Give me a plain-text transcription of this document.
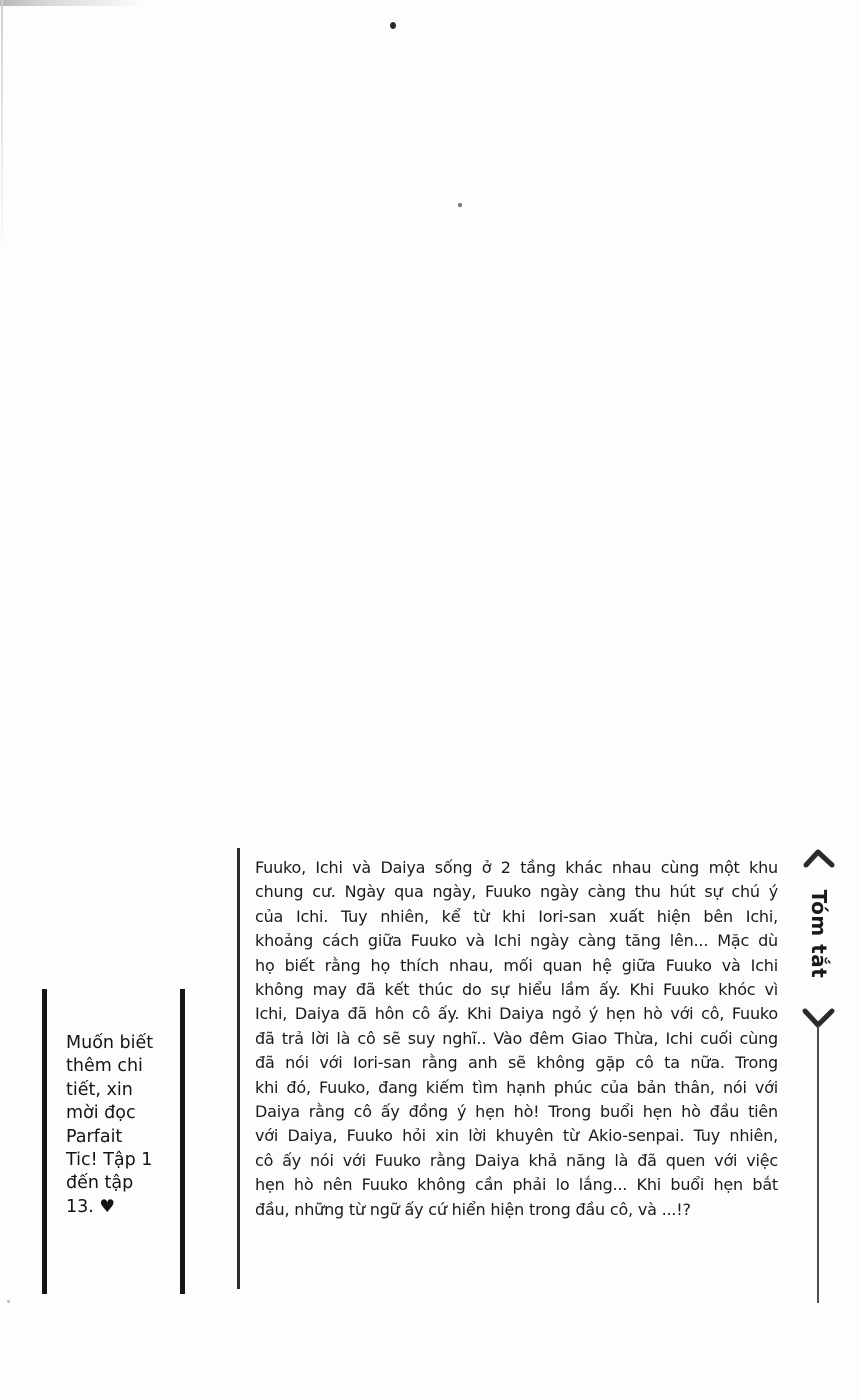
Muốn biết
thêm chi
tiết, xin
mời đọc
Parfait
Tic! Tập 1
đến tập
13. ♥
Fuuko, Ichi và Daiya sống ở 2 tầng khác nhau cùng một khu
chung cư. Ngày qua ngày, Fuuko ngày càng thu hút sự chú ý
của Ichi. Tuy nhiên, kể từ khi Iori-san xuất hiện bên Ichi,
khoảng cách giữa Fuuko và Ichi ngày càng tăng lên... Mặc dù
họ biết rằng họ thích nhau, mối quan hệ giữa Fuuko và Ichi
không may đã kết thúc do sự hiểu lầm ấy. Khi Fuuko khóc vì
Ichi, Daiya đã hôn cô ấy. Khi Daiya ngỏ ý hẹn hò với cô, Fuuko
đã trả lời là cô sẽ suy nghĩ.. Vào đêm Giao Thừa, Ichi cuối cùng
đã nói với Iori-san rằng anh sẽ không gặp cô ta nữa. Trong
khi đó, Fuuko, đang kiếm tìm hạnh phúc của bản thân, nói với
Daiya rằng cô ấy đồng ý hẹn hò! Trong buổi hẹn hò đầu tiên
với Daiya, Fuuko hỏi xin lời khuyên từ Akio-senpai. Tuy nhiên,
cô ấy nói với Fuuko rằng Daiya khả năng là đã quen với việc
hẹn hò nên Fuuko không cần phải lo lắng... Khi buổi hẹn bắt
đầu, những từ ngữ ấy cứ hiển hiện trong đầu cô, và ...!?
Tóm tắt
